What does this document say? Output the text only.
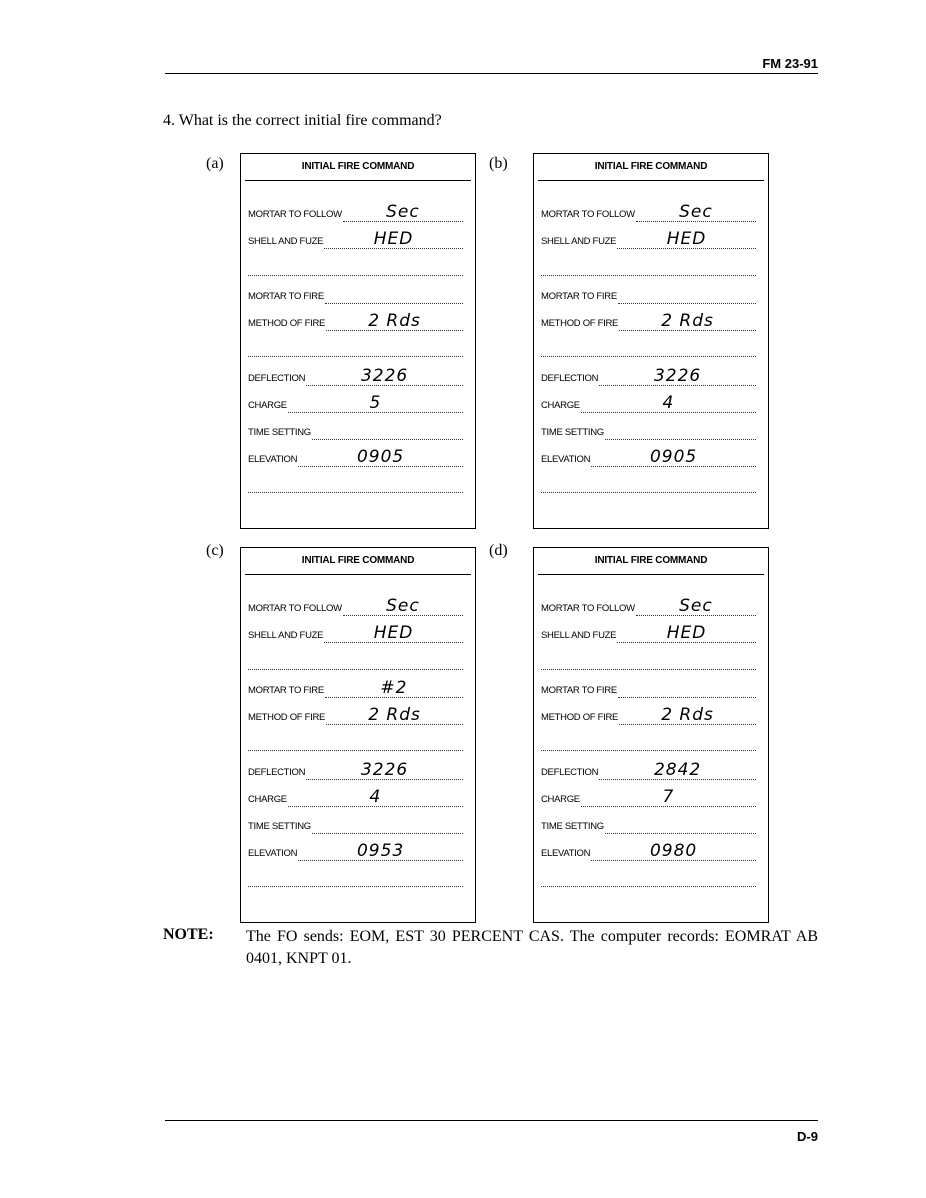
FM 23-91
4. What is the correct initial fire command?
(a)	INITIAL FIRE COMMAND
MORTAR TO FOLLOW	Sec
SHELL AND FUZE	HED
MORTAR TO FIRE
METHOD OF FIRE	2 Rds
DEFLECTION	3226
CHARGE	5
TIME SETTING
ELEVATION	0905
(b)	INITIAL FIRE COMMAND
MORTAR TO FOLLOW	Sec
SHELL AND FUZE	HED
MORTAR TO FIRE
METHOD OF FIRE	2 Rds
DEFLECTION	3226
CHARGE	4
TIME SETTING
ELEVATION	0905
(c)
INITIAL FIRE COMMAND
MORTAR TO FOLLOW	Sec
SHELL AND FUZE	HED
MORTAR TO FIRE	#2
METHOD OF FIRE	2 Rds
DEFLECTION	3226
CHARGE	4
TIME SETTING
ELEVATION	0953
(d)
INITIAL FIRE COMMAND
MORTAR TO FOLLOW	Sec
SHELL AND FUZE	HED
MORTAR TO FIRE
METHOD OF FIRE	2 Rds
DEFLECTION	2842
CHARGE	7
TIME SETTING
ELEVATION	0980
NOTE: The FO sends: EOM, EST 30 PERCENT CAS. The computer records: EOMRAT AB 0401, KNPT 01.
D-9
